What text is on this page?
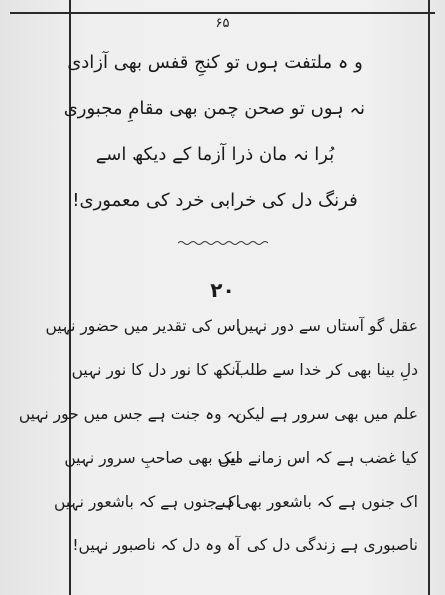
۶۵
و ہ ملتفت ہوں تو کنجِ قفس بھی آزادی
نہ ہوں تو صحن چمن بھی مقامِ مجبوری
بُرا نہ مان ذرا آزما کے دیکھ اسے
فرنگ دل کی خرابی خرد کی معموری!
۲۰
عقل گو آستاں سے دور نہیں
اس کی تقدیر میں حضور نہیں
دلِ بینا بھی کر خدا سے طلب
آنکھ کا نور دل کا نور نہیں
علم میں بھی سرور ہے لیکن
یہ وہ جنت ہے جس میں حور نہیں
کیا غضب ہے کہ اس زمانے میں
ایک بھی صاحبِ سرور نہیں
اک جنوں ہے کہ باشعور بھی ہے
اک جنوں ہے کہ باشعور نہیں
ناصبوری ہے زندگی دل کی
آہ وہ دل کہ ناصبور نہیں!
